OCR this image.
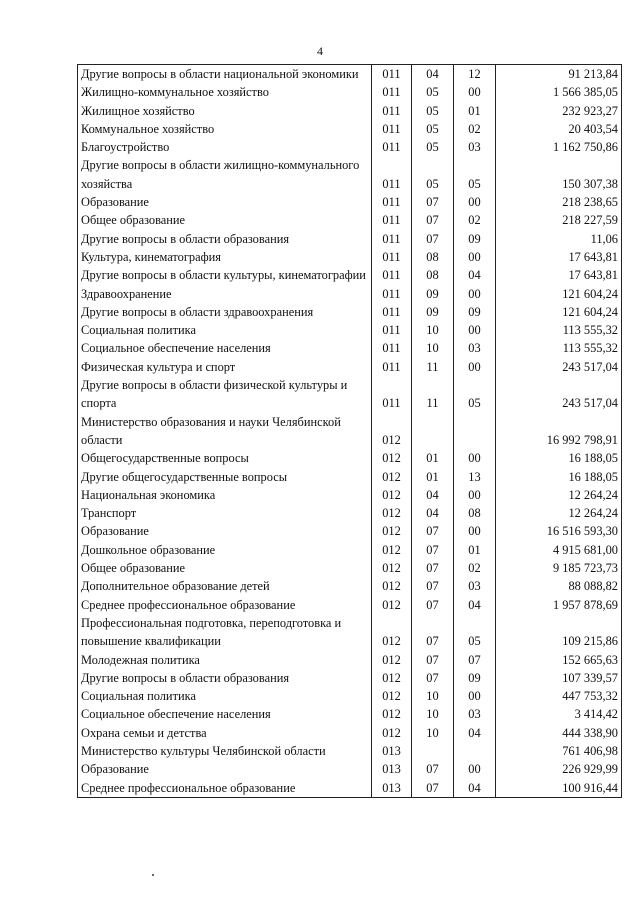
4
Другие вопросы в области национальной экономики	011	04	12	91 213,84
Жилищно-коммунальное хозяйство	011	05	00	1 566 385,05
Жилищное хозяйство	011	05	01	232 923,27
Коммунальное хозяйство	011	05	02	20 403,54
Благоустройство	011	05	03	1 162 750,86
Другие вопросы в области жилищно-коммунального хозяйства	011	05	05	150 307,38
Образование	011	07	00	218 238,65
Общее образование	011	07	02	218 227,59
Другие вопросы в области образования	011	07	09	11,06
Культура, кинематография	011	08	00	17 643,81
Другие вопросы в области культуры, кинематографии	011	08	04	17 643,81
Здравоохранение	011	09	00	121 604,24
Другие вопросы в области здравоохранения	011	09	09	121 604,24
Социальная политика	011	10	00	113 555,32
Социальное обеспечение населения	011	10	03	113 555,32
Физическая культура и спорт	011	11	00	243 517,04
Другие вопросы в области физической культуры и спорта	011	11	05	243 517,04
Министерство образования и науки Челябинской области	012			16 992 798,91
Общегосударственные вопросы	012	01	00	16 188,05
Другие общегосударственные вопросы	012	01	13	16 188,05
Национальная экономика	012	04	00	12 264,24
Транспорт	012	04	08	12 264,24
Образование	012	07	00	16 516 593,30
Дошкольное образование	012	07	01	4 915 681,00
Общее образование	012	07	02	9 185 723,73
Дополнительное образование детей	012	07	03	88 088,82
Среднее профессиональное образование	012	07	04	1 957 878,69
Профессиональная подготовка, переподготовка и повышение квалификации	012	07	05	109 215,86
Молодежная политика	012	07	07	152 665,63
Другие вопросы в области образования	012	07	09	107 339,57
Социальная политика	012	10	00	447 753,32
Социальное обеспечение населения	012	10	03	3 414,42
Охрана семьи и детства	012	10	04	444 338,90
Министерство культуры Челябинской области	013			761 406,98
Образование	013	07	00	226 929,99
Среднее профессиональное образование	013	07	04	100 916,44
